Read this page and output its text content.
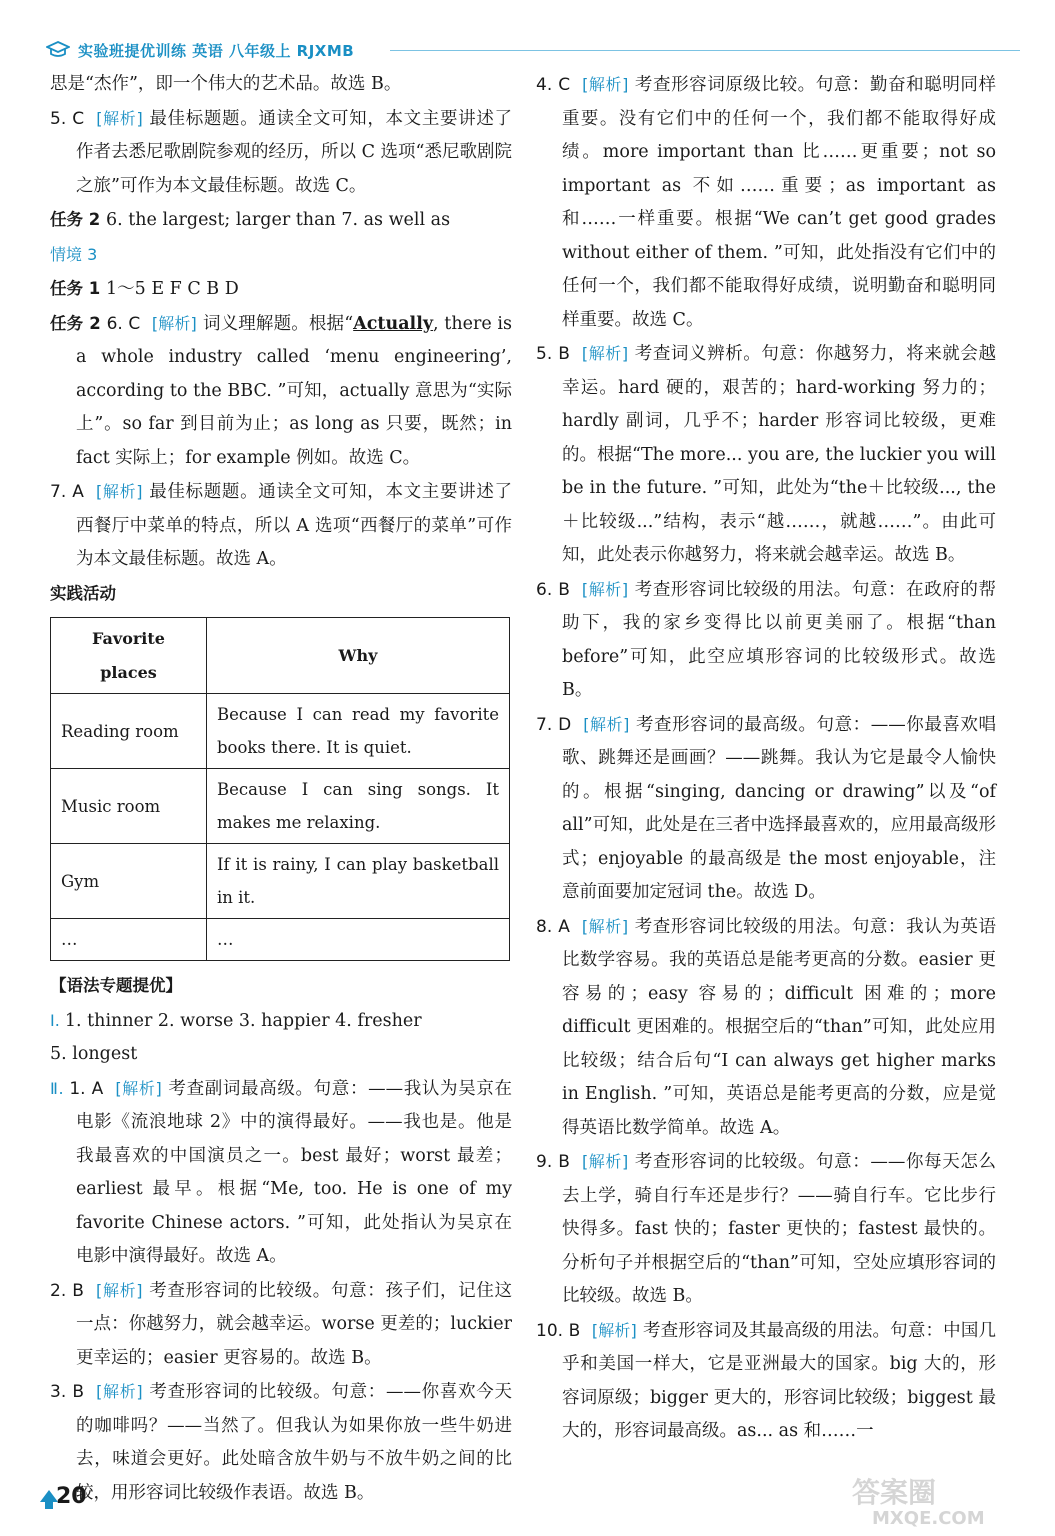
实验班提优训练 英语 八年级上 RJXMB

思是“杰作”，即一个伟大的艺术品。故选 B。

5. C [解析] 最佳标题题。通读全文可知，本文主要讲述了作者去悉尼歌剧院参观的经历，所以 C 选项“悉尼歌剧院之旅”可作为本文最佳标题。故选 C。

任务 2 6. the largest; larger than 7. as well as

情境 3

任务 1 1～5 E F C B D

任务 2 6. C [解析] 词义理解题。根据“Actually, there is a whole industry called ‘menu engineering’, according to the BBC. ”可知，actually 意思为“实际上”。so far 到目前为止；as long as 只要，既然；in fact 实际上；for example 例如。故选 C。

7. A [解析] 最佳标题题。通读全文可知，本文主要讲述了西餐厅中菜单的特点，所以 A 选项“西餐厅的菜单”可作为本文最佳标题。故选 A。

实践活动

Favorite places	Why
Reading room	Because I can read my favorite books there. It is quiet.
Music room	Because I can sing songs. It makes me relaxing.
Gym	If it is rainy, I can play basketball in it.
…	…

【语法专题提优】

Ⅰ. 1. thinner 2. worse 3. happier 4. fresher

5. longest

Ⅱ. 1. A [解析] 考查副词最高级。句意：——我认为吴京在电影《流浪地球 2》中的演得最好。——我也是。他是我最喜欢的中国演员之一。best 最好；worst 最差；earliest 最早。根据“Me, too. He is one of my favorite Chinese actors. ”可知，此处指认为吴京在电影中演得最好。故选 A。

2. B [解析] 考查形容词的比较级。句意：孩子们，记住这一点：你越努力，就会越幸运。worse 更差的；luckier 更幸运的；easier 更容易的。故选 B。

3. B [解析] 考查形容词的比较级。句意：——你喜欢今天的咖啡吗？——当然了。但我认为如果你放一些牛奶进去，味道会更好。此处暗含放牛奶与不放牛奶之间的比较，用形容词比较级作表语。故选 B。

4. C [解析] 考查形容词原级比较。句意：勤奋和聪明同样重要。没有它们中的任何一个，我们都不能取得好成绩。more important than 比……更重要；not so important as 不如……重要；as important as 和……一样重要。根据“We can’t get good grades without either of them. ”可知，此处指没有它们中的任何一个，我们都不能取得好成绩，说明勤奋和聪明同样重要。故选 C。

5. B [解析] 考查词义辨析。句意：你越努力，将来就会越幸运。hard 硬的，艰苦的；hard-working 努力的；hardly 副词，几乎不；harder 形容词比较级，更难的。根据“The more... you are, the luckier you will be in the future. ”可知，此处为“the＋比较级..., the＋比较级...”结构，表示“越……，就越……”。由此可知，此处表示你越努力，将来就会越幸运。故选 B。

6. B [解析] 考查形容词比较级的用法。句意：在政府的帮助下，我的家乡变得比以前更美丽了。根据“than before”可知，此空应填形容词的比较级形式。故选 B。

7. D [解析] 考查形容词的最高级。句意：——你最喜欢唱歌、跳舞还是画画？——跳舞。我认为它是最令人愉快的。根据“singing, dancing or drawing”以及“of all”可知，此处是在三者中选择最喜欢的，应用最高级形式；enjoyable 的最高级是 the most enjoyable，注意前面要加定冠词 the。故选 D。

8. A [解析] 考查形容词比较级的用法。句意：我认为英语比数学容易。我的英语总是能考更高的分数。easier 更容易的；easy 容易的；difficult 困难的；more difficult 更困难的。根据空后的“than”可知，此处应用比较级；结合后句“I can always get higher marks in English. ”可知，英语总是能考更高的分数，应是觉得英语比数学简单。故选 A。

9. B [解析] 考查形容词的比较级。句意：——你每天怎么去上学，骑自行车还是步行？——骑自行车。它比步行快得多。fast 快的；faster 更快的；fastest 最快的。分析句子并根据空后的“than”可知，空处应填形容词的比较级。故选 B。

10. B [解析] 考查形容词及其最高级的用法。句意：中国几乎和美国一样大，它是亚洲最大的国家。big 大的，形容词原级；bigger 更大的，形容词比较级；biggest 最大的，形容词最高级。as... as 和……一

20	答案圈
MXQE.COM
